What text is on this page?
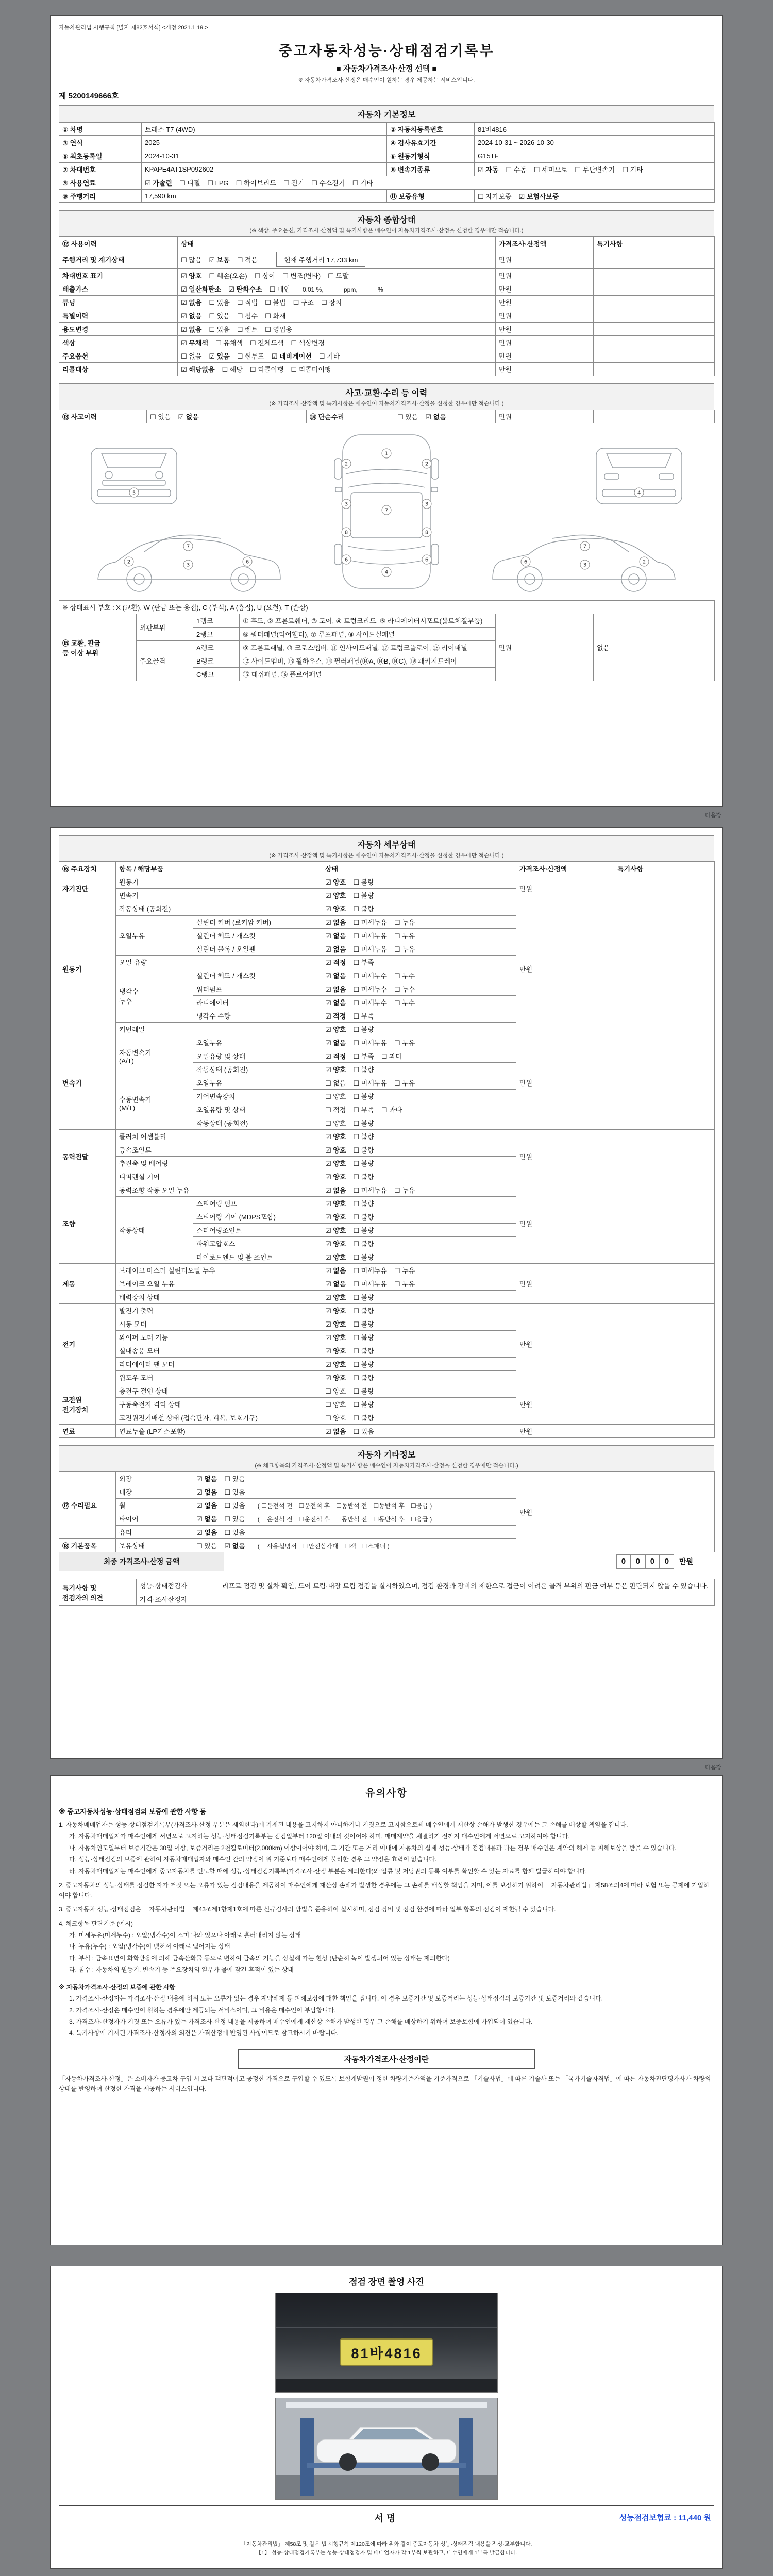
자동차관리법 시행규칙 [별지 제82호서식] <개정 2021.1.19.>
중고자동차성능·상태점검기록부
■ 자동차가격조사·산정 선택 ■
※ 자동차가격조사·산정은 매수인이 원하는 경우 제공하는 서비스입니다.
제 5200149666호
자동차 기본정보
① 차명	토레스 T7 (4WD)	② 자동차등록번호	81바4816
③ 연식	2025	④ 검사유효기간	2024-10-31 ~ 2026-10-30
⑤ 최초등록일	2024-10-31	⑥ 원동기형식	G15TF
⑦ 차대번호	KPAPE4AT1SP092602	⑧ 변속기종류	☑ 자동 ☐ 수동 ☐ 세미오토 ☐ 무단변속기 ☐ 기타
⑨ 사용연료	☑ 가솔린 ☐ 디젤 ☐ LPG ☐ 하이브리드 ☐ 전기 ☐ 수소전기 ☐ 기타		
⑩ 주행거리	17,590 km	⑪ 보증유형	☐ 자가보증 ☑ 보험사보증
자동차 종합상태
(※ 색상, 주요옵션, 가격조사·산정액 및 특기사항은 매수인이 자동차가격조사·산정을 신청한 경우에만 적습니다.)
⑫ 사용이력	상태	가격조사·산정액	특기사항
주행거리 및 계기상태	☐ 많음 ☑ 보통 ☐ 적음 현재 주행거리 17,733 km	만원	
차대번호 표기	☑ 양호 ☐ 훼손(오손) ☐ 상이 ☐ 변조(변타) ☐ 도말	만원	
배출가스	☑ 일산화탄소 ☑ 탄화수소 ☐ 매연 0.01 %,　　　 ppm,　　　 %	만원	
튜닝	☑ 없음 ☐ 있음 ☐ 적법 ☐ 불법 ☐ 구조 ☐ 장치	만원	
특별이력	☑ 없음 ☐ 있음 ☐ 침수 ☐ 화재	만원	
용도변경	☑ 없음 ☐ 있음 ☐ 렌트 ☐ 영업용	만원	
색상	☑ 무채색 ☐ 유채색 ☐ 전체도색 ☐ 색상변경	만원	
주요옵션	☐ 없음 ☑ 있음 ☐ 썬루프 ☑ 네비게이션 ☐ 기타	만원	
리콜대상	☑ 해당없음 ☐ 해당 ☐ 리콜이행 ☐ 리콜미이행	만원	
사고·교환·수리 등 이력
(※ 가격조사·산정액 및 특기사항은 매수인이 자동차가격조사·산정을 신청한 경우에만 적습니다.)
⑬ 사고이력	☐ 있음 ☑ 없음	⑭ 단순수리	☐ 있음 ☑ 없음	만원	
1
2	2
3	3
8	8
6	6
7
4
5	4
2
3
6
7
2
3
6
7
※ 상태표시 부호 : X (교환), W (판금 또는 용접), C (부식), A (흠집), U (요철), T (손상)					
⑮ 교환, 판금
등 이상 부위	외판부위	1랭크	① 후드, ② 프론트휀더, ③ 도어, ④ 트렁크리드, ⑤ 라디에이터서포트(볼트체결부품)	만원	없음
		2랭크	⑥ 쿼터패널(리어휀더), ⑦ 루프패널, ⑧ 사이드실패널		
	주요골격	A랭크	⑨ 프론트패널, ⑩ 크로스멤버, ⑪ 인사이드패널, ⑰ 트렁크플로어, ⑱ 리어패널		
		B랭크	⑫ 사이드멤버, ⑬ 휠하우스, ⑭ 필러패널(⑭A, ⑭B, ⑭C), ⑲ 패키지트레이		
		C랭크	⑮ 대쉬패널, ⑯ 플로어패널		
다음장
자동차 세부상태
(※ 가격조사·산정액 및 특기사항은 매수인이 자동차가격조사·산정을 신청한 경우에만 적습니다.)
⑯ 주요장치	항목 / 해당부품		상태	가격조사·산정액	특기사항
자기진단	원동기		☑ 양호 ☐ 불량	만원	
	변속기		☑ 양호 ☐ 불량		
원동기	작동상태 (공회전)		☑ 양호 ☐ 불량	만원	
	오일누유	실린더 커버 (로커암 커버)	☑ 없음 ☐ 미세누유 ☐ 누유		
		실린더 헤드 / 개스킷	☑ 없음 ☐ 미세누유 ☐ 누유		
		실린더 블록 / 오일팬	☑ 없음 ☐ 미세누유 ☐ 누유		
	오일 유량		☑ 적정 ☐ 부족		
	냉각수
누수	실린더 헤드 / 개스킷	☑ 없음 ☐ 미세누수 ☐ 누수		
		워터펌프	☑ 없음 ☐ 미세누수 ☐ 누수		
		라디에이터	☑ 없음 ☐ 미세누수 ☐ 누수		
		냉각수 수량	☑ 적정 ☐ 부족		
	커먼레일		☑ 양호 ☐ 불량		
변속기	자동변속기
(A/T)	오일누유	☑ 없음 ☐ 미세누유 ☐ 누유	만원	
		오일유량 및 상태	☑ 적정 ☐ 부족 ☐ 과다		
		작동상태 (공회전)	☑ 양호 ☐ 불량		
	수동변속기
(M/T)	오일누유	☐ 없음 ☐ 미세누유 ☐ 누유		
		기어변속장치	☐ 양호 ☐ 불량		
		오일유량 및 상태	☐ 적정 ☐ 부족 ☐ 과다		
		작동상태 (공회전)	☐ 양호 ☐ 불량		
동력전달	클러치 어셈블리		☑ 양호 ☐ 불량	만원	
	등속조인트		☑ 양호 ☐ 불량		
	추진축 및 베어링		☑ 양호 ☐ 불량		
	디퍼렌셜 기어		☑ 양호 ☐ 불량		
조향	동력조향 작동 오일 누유		☑ 없음 ☐ 미세누유 ☐ 누유	만원	
	작동상태	스티어링 펌프	☑ 양호 ☐ 불량		
		스티어링 기어 (MDPS포함)	☑ 양호 ☐ 불량		
		스티어링조인트	☑ 양호 ☐ 불량		
		파워고압호스	☑ 양호 ☐ 불량		
		타이로드엔드 및 볼 조인트	☑ 양호 ☐ 불량		
제동	브레이크 마스터 실린더오일 누유		☑ 없음 ☐ 미세누유 ☐ 누유	만원	
	브레이크 오일 누유		☑ 없음 ☐ 미세누유 ☐ 누유		
	배력장치 상태		☑ 양호 ☐ 불량		
전기	발전기 출력		☑ 양호 ☐ 불량	만원	
	시동 모터		☑ 양호 ☐ 불량		
	와이퍼 모터 기능		☑ 양호 ☐ 불량		
	실내송풍 모터		☑ 양호 ☐ 불량		
	라디에이터 팬 모터		☑ 양호 ☐ 불량		
	윈도우 모터		☑ 양호 ☐ 불량		
고전원
전기장치	충전구 절연 상태		☐ 양호 ☐ 불량	만원	
	구동축전지 격리 상태		☐ 양호 ☐ 불량		
	고전원전기배선 상태 (접속단자, 피복, 보호기구)		☐ 양호 ☐ 불량		
연료	연료누출 (LP가스포함)		☑ 없음 ☐ 있음	만원	
자동차 기타정보
(※ 체크항목의 가격조사·산정액 및 특기사항은 매수인이 자동차가격조사·산정을 신청한 경우에만 적습니다.)
⑰ 수리필요	외장	☑ 없음 ☐ 있음	만원	
	내장	☑ 없음 ☐ 있음		
	휠	☑ 없음 ☐ 있음 ( ☐운전석 전　☐운전석 후　☐동반석 전　☐동반석 후　☐응급 )		
	타이어	☑ 없음 ☐ 있음 ( ☐운전석 전　☐운전석 후　☐동반석 전　☐동반석 후　☐응급 )		
	유리	☑ 없음 ☐ 있음		
⑱ 기본품목	보유상태	☐ 있음 ☑ 없음 ( ☐사용설명서　☐안전삼각대　☐잭　☐스패너 )		
최종 가격조사·산정 금액	0 0 0 0	만원
특기사항 및
점검자의 의견	성능·상태점검자	리프트 점검 및 실차 확인, 도어 트림·내장 트림 점검을 실시하였으며, 점검 환경과 장비의 제한으로 접근이 어려운 골격 부위의 판금 여부 등은 판단되지 않을 수 있습니다.
	가격·조사산정자	
다음장
유의사항
※ 중고자동차성능·상태점검의 보증에 관한 사항 등
1. 자동차매매업자는 성능·상태점검기록부(가격조사·산정 부분은 제외한다)에 기재된 내용을 고지하지 아니하거나 거짓으로 고지함으로써 매수인에게 재산상 손해가 발생한 경우에는 그 손해를 배상할 책임을 집니다.
가. 자동차매매업자가 매수인에게 서면으로 고지하는 성능·상태점검기록부는 점검일부터 120일 이내의 것이어야 하며, 매매계약을 체결하기 전까지 매수인에게 서면으로 고지하여야 합니다.
나. 자동차인도일부터 보증기간은 30일 이상, 보증거리는 2천킬로미터(2,000km) 이상이어야 하며, 그 기간 또는 거리 이내에 자동차의 실제 성능·상태가 점검내용과 다른 경우 매수인은 계약의 해제 등 피해보상을 받을 수 있습니다.
다. 성능·상태점검의 보증에 관하여 자동차매매업자와 매수인 간의 약정이 위 기준보다 매수인에게 불리한 경우 그 약정은 효력이 없습니다.
라. 자동차매매업자는 매수인에게 중고자동차를 인도할 때에 성능·상태점검기록부(가격조사·산정 부분은 제외한다)와 압류 및 저당권의 등록 여부를 확인할 수 있는 자료를 함께 발급하여야 합니다.
2. 중고자동차의 성능·상태를 점검한 자가 거짓 또는 오류가 있는 점검내용을 제공하여 매수인에게 재산상 손해가 발생한 경우에는 그 손해를 배상할 책임을 지며, 이를 보장하기 위하여 「자동차관리법」 제58조의4에 따라 보험 또는 공제에 가입하여야 합니다.
3. 중고자동차 성능·상태점검은 「자동차관리법」 제43조제1항제1호에 따른 신규검사의 방법을 준용하여 실시하며, 점검 장비 및 점검 환경에 따라 일부 항목의 점검이 제한될 수 있습니다.
4. 체크항목 판단기준 (예시)
가. 미세누유(미세누수) : 오일(냉각수)이 스며 나와 있으나 아래로 흘러내리지 않는 상태
나. 누유(누수) : 오일(냉각수)이 맺혀서 아래로 떨어지는 상태
다. 부식 : 금속표면이 화학반응에 의해 금속산화물 등으로 변하여 금속의 기능을 상실해 가는 현상 (단순히 녹이 발생되어 있는 상태는 제외한다)
라. 침수 : 자동차의 원동기, 변속기 등 주요장치의 일부가 물에 잠긴 흔적이 있는 상태
※ 자동차가격조사·산정의 보증에 관한 사항
1. 가격조사·산정자는 가격조사·산정 내용에 허위 또는 오류가 있는 경우 계약해제 등 피해보상에 대한 책임을 집니다. 이 경우 보증기간 및 보증거리는 성능·상태점검의 보증기간 및 보증거리와 같습니다.
2. 가격조사·산정은 매수인이 원하는 경우에만 제공되는 서비스이며, 그 비용은 매수인이 부담합니다.
3. 가격조사·산정자가 거짓 또는 오류가 있는 가격조사·산정 내용을 제공하여 매수인에게 재산상 손해가 발생한 경우 그 손해를 배상하기 위하여 보증보험에 가입되어 있습니다.
4. 특기사항에 기재된 가격조사·산정자의 의견은 가격산정에 반영된 사항이므로 참고하시기 바랍니다.
자동차가격조사·산정이란
「자동차가격조사·산정」은 소비자가 중고차 구입 시 보다 객관적이고 공정한 가격으로 구입할 수 있도록 보험개발원이 정한 차량기준가액을 기준가격으로 「기술사법」에 따른 기술사 또는 「국가기술자격법」에 따른 자동차진단평가사가 차량의 상태를 반영하여 산정한 가격을 제공하는 서비스입니다.
점검 장면 촬영 사진
81바4816
서명	성능점검보험료 : 11,440 원
「자동차관리법」 제58조 및 같은 법 시행규칙 제120조에 따라 위와 같이 중고자동차 성능·상태점검 내용을 작성·교부합니다.
【1】 성능·상태점검기록부는 성능·상태점검자 및 매매업자가 각 1부씩 보관하고, 매수인에게 1부를 발급합니다.
